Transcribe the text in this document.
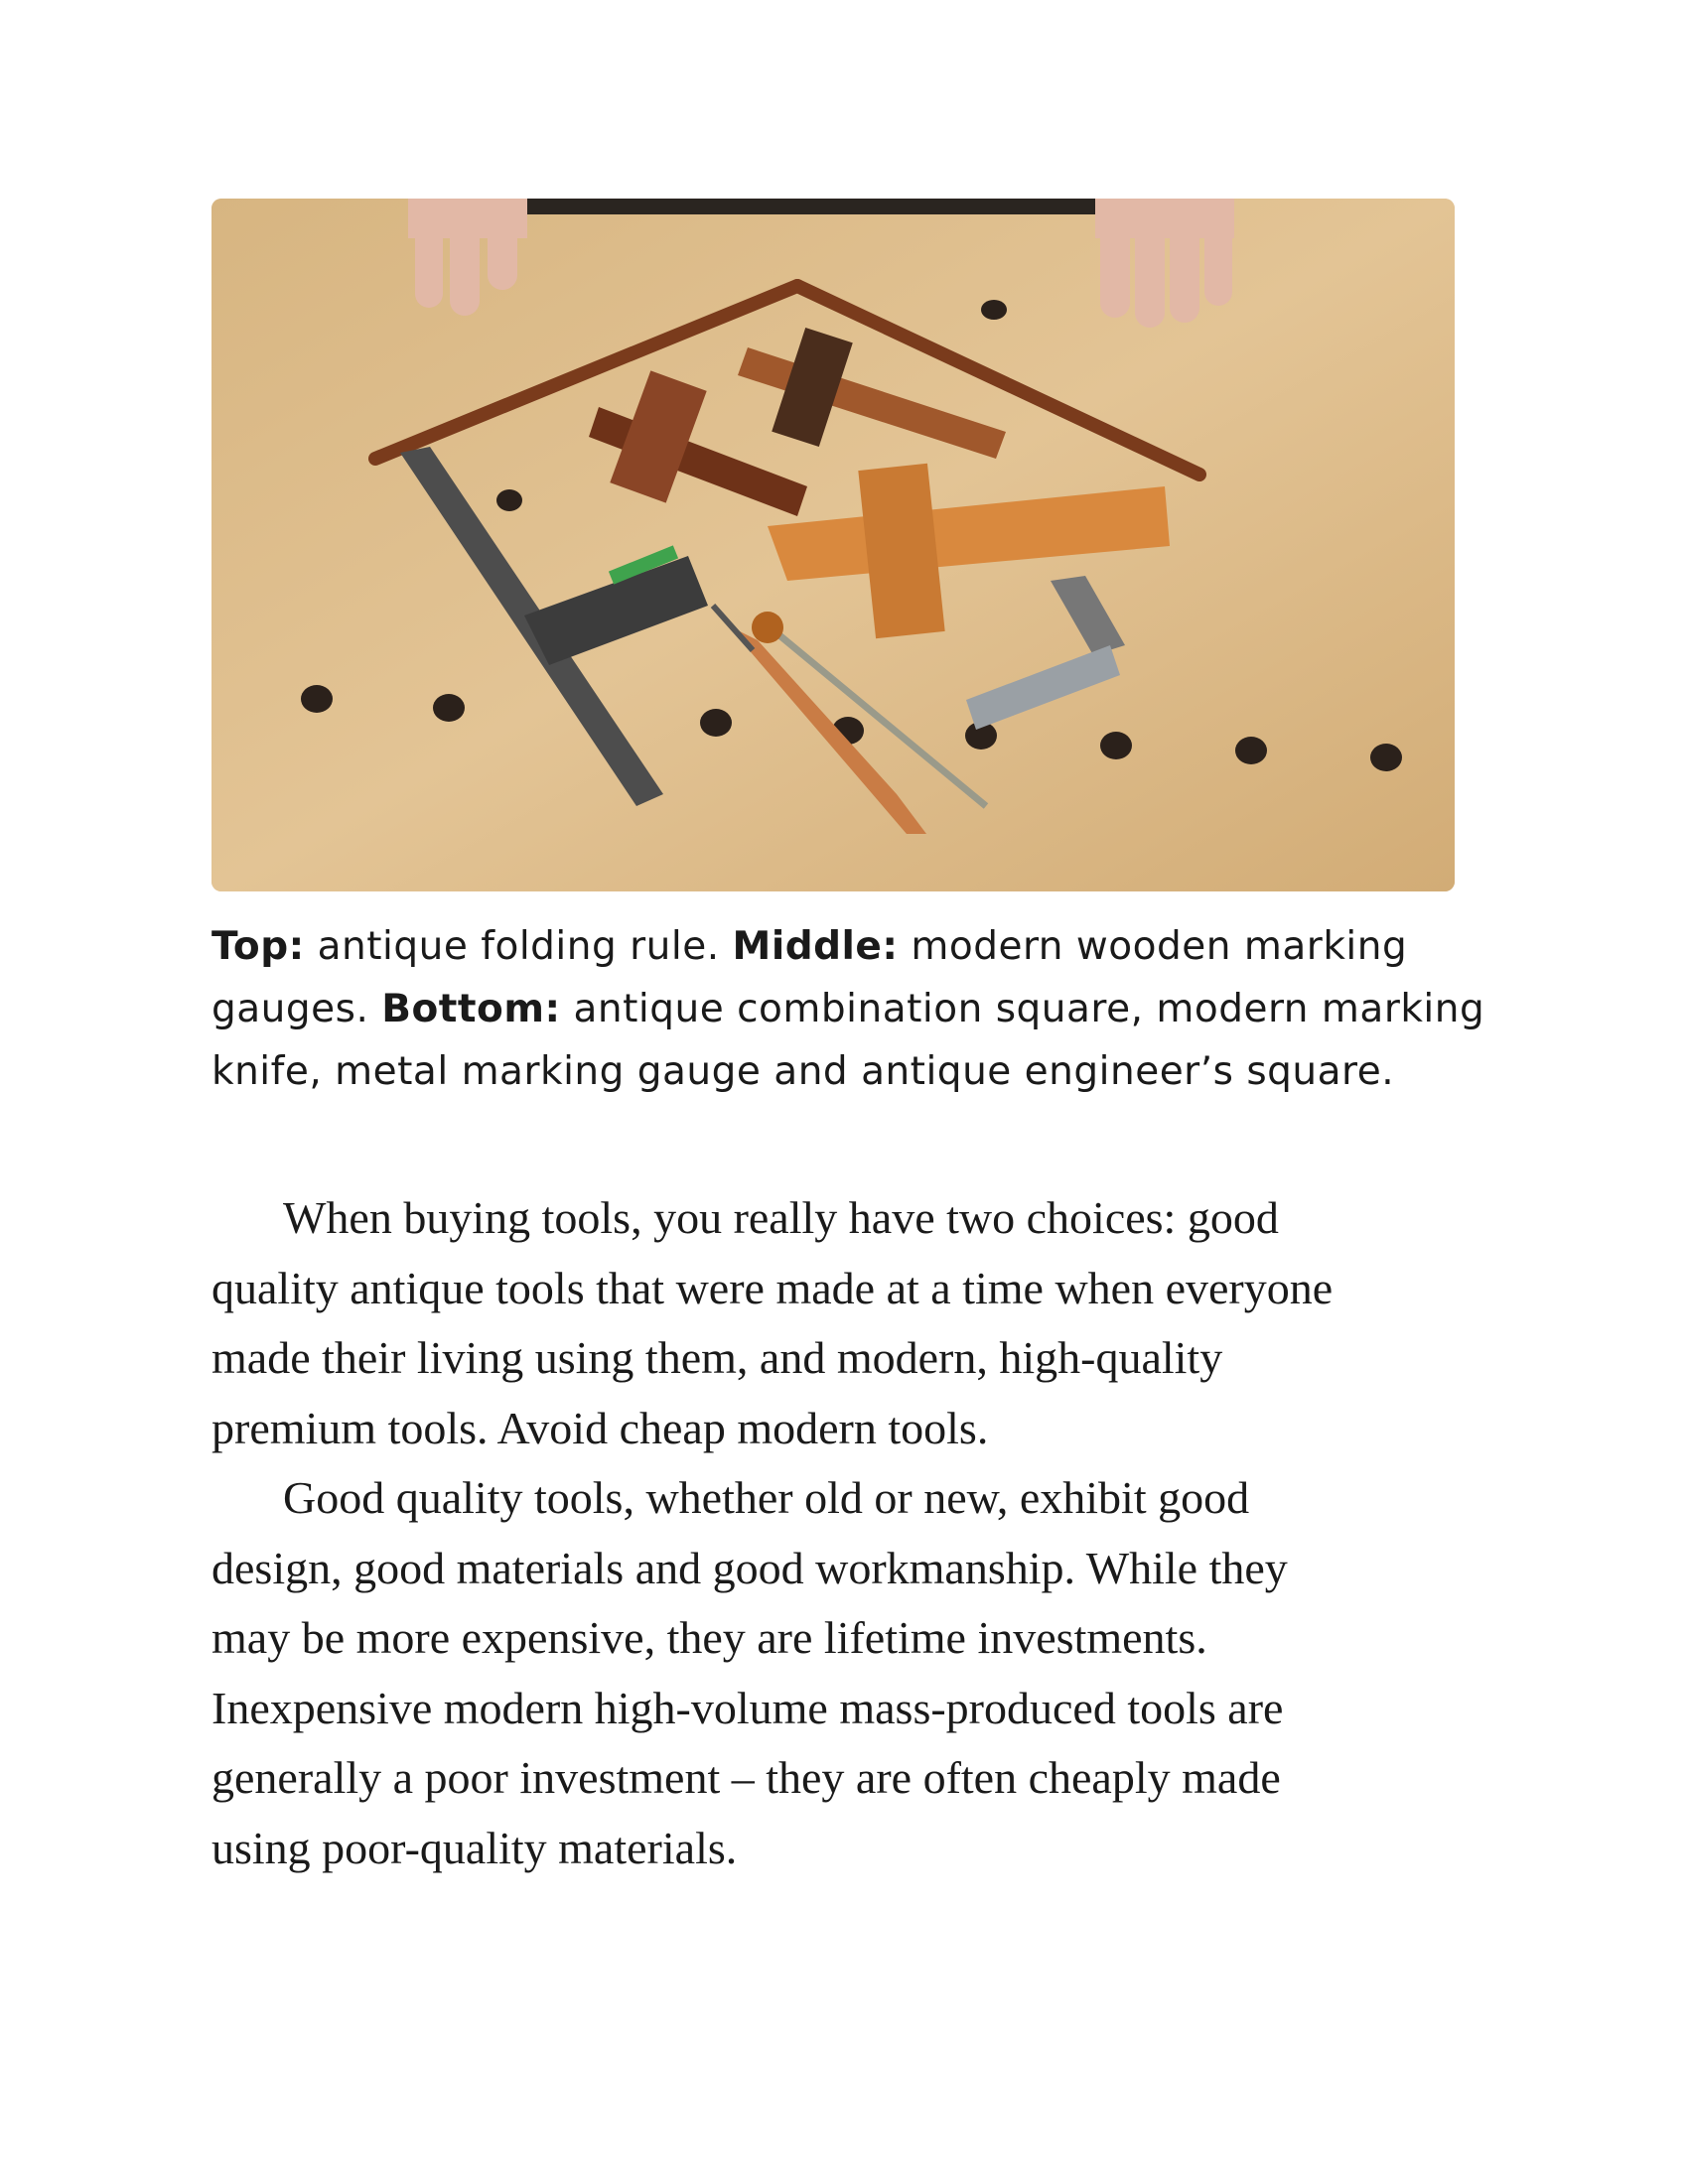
Top: antique folding rule. Middle: modern wooden marking gauges. Bottom: antique combination square, modern marking knife, metal marking gauge and antique engineer’s square.

When buying tools, you really have two choices: good
quality antique tools that were made at a time when everyone
made their living using them, and modern, high-quality
premium tools. Avoid cheap modern tools.

Good quality tools, whether old or new, exhibit good
design, good materials and good workmanship. While they
may be more expensive, they are lifetime investments.
Inexpensive modern high-volume mass-produced tools are
generally a poor investment – they are often cheaply made
using poor-quality materials.
